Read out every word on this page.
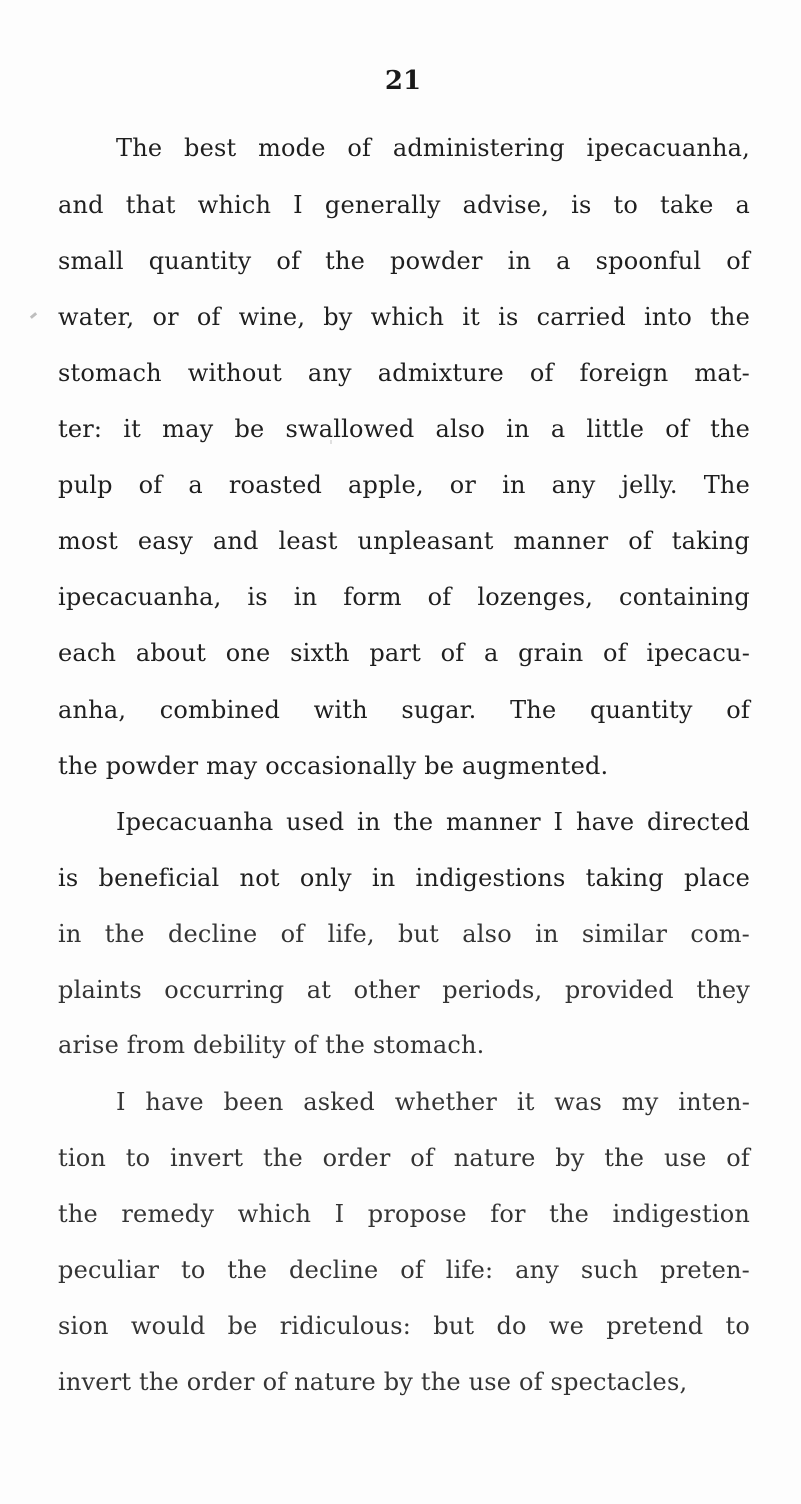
21
The best mode of administering ipecacuanha,
and that which I generally advise, is to take a
small quantity of the powder in a spoonful of
water, or of wine, by which it is carried into the
stomach without any admixture of foreign mat-
ter: it may be swallowed also in a little of the
pulp of a roasted apple, or in any jelly. The
most easy and least unpleasant manner of taking
ipecacuanha, is in form of lozenges, containing
each about one sixth part of a grain of ipecacu-
anha, combined with sugar. The quantity of
the powder may occasionally be augmented.
Ipecacuanha used in the manner I have directed
is beneficial not only in indigestions taking place
in the decline of life, but also in similar com-
plaints occurring at other periods, provided they
arise from debility of the stomach.
I have been asked whether it was my inten-
tion to invert the order of nature by the use of
the remedy which I propose for the indigestion
peculiar to the decline of life: any such preten-
sion would be ridiculous: but do we pretend to
invert the order of nature by the use of spectacles,
